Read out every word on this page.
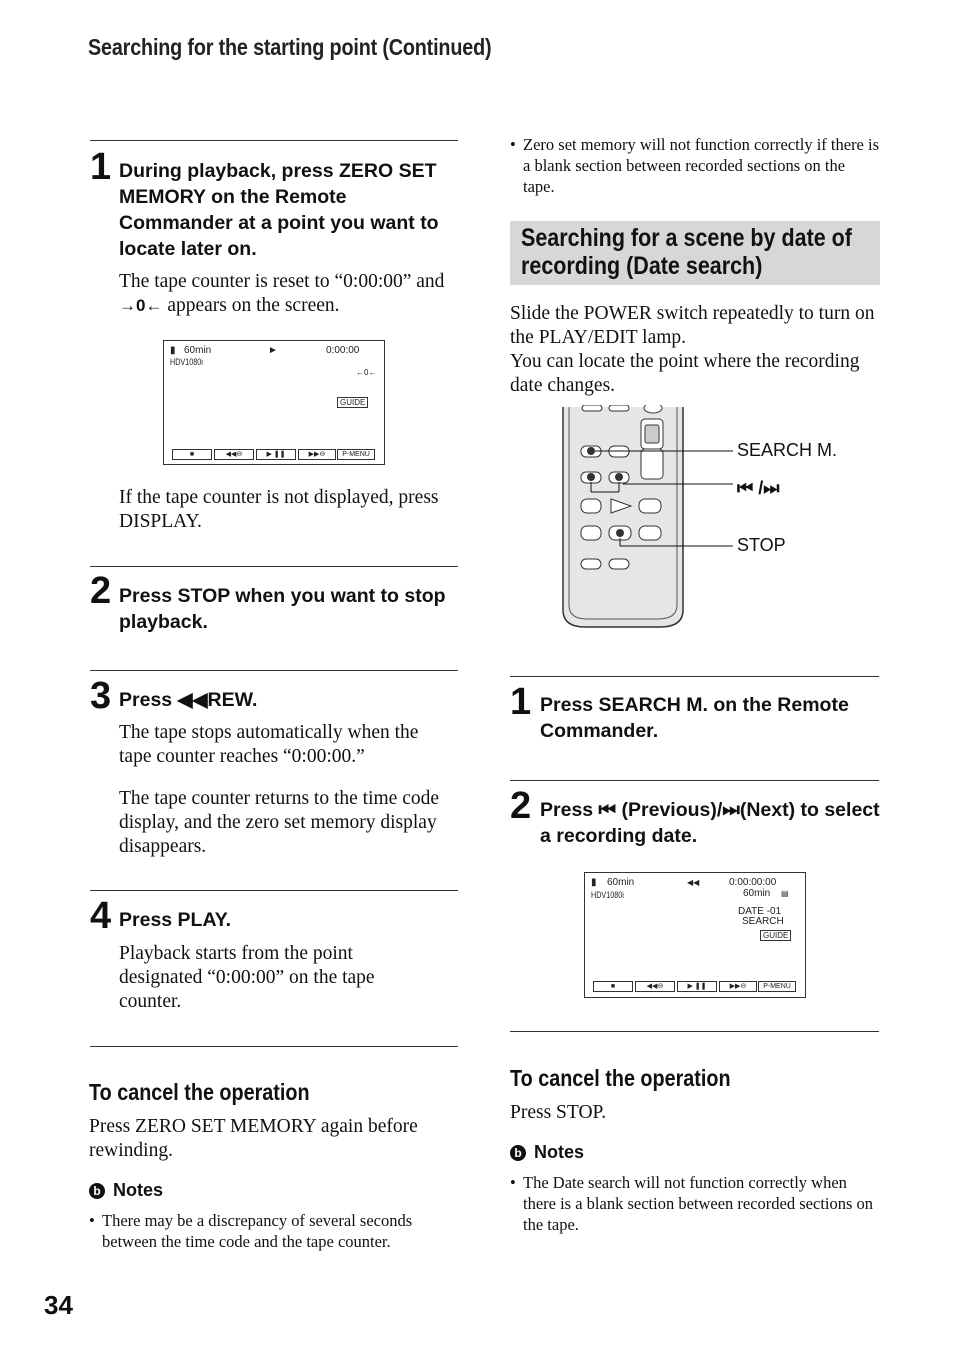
Searching for the starting point (Continued)
1 During playback, press ZERO SET MEMORY on the Remote Commander at a point you want to locate later on.
The tape counter is reset to “0:00:00” and →0← appears on the screen.
▮ 60min	►	0:00:00
HDV1080i
←0←
GUIDE
■	◀◀⊖	▶ ❚❚	▶▶⊖	P-MENU
If the tape counter is not displayed, press DISPLAY.
2 Press STOP when you want to stop playback.
3 Press ◀◀REW.
The tape stops automatically when the tape counter reaches “0:00:00.”
The tape counter returns to the time code display, and the zero set memory display disappears.
4 Press PLAY.
Playback starts from the point designated “0:00:00” on the tape counter.
To cancel the operation
Press ZERO SET MEMORY again before rewinding.
b Notes
• There may be a discrepancy of several seconds between the time code and the tape counter.
34
• Zero set memory will not function correctly if there is a blank section between recorded sections on the tape.
Searching for a scene by date of recording (Date search)
Slide the POWER switch repeatedly to turn on the PLAY/EDIT lamp.
You can locate the point where the recording date changes.
SEARCH M.
⏮ /⏭
STOP
1 Press SEARCH M. on the Remote Commander.
2 Press ⏮ (Previous)/⏭(Next) to select a recording date.
▮ 60min	◀◀	0:00:00:00
60min ▤
HDV1080i
DATE -01
SEARCH
GUIDE
■	◀◀⊖	▶ ❚❚	▶▶⊖	P-MENU
To cancel the operation
Press STOP.
b Notes
• The Date search will not function correctly when there is a blank section between recorded sections on the tape.
